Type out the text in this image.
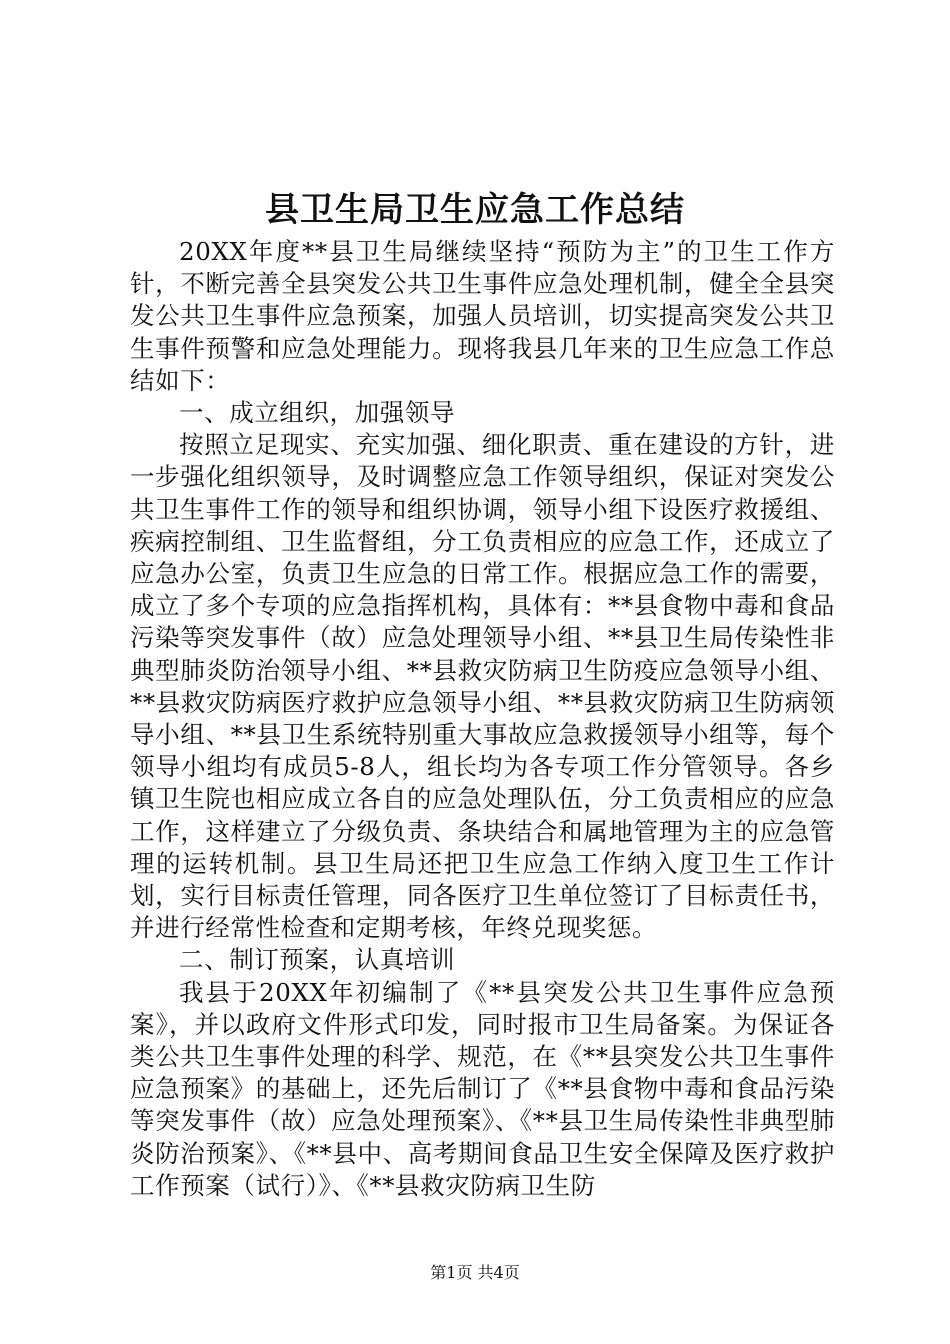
县卫生局卫生应急工作总结

20XX年度**县卫生局继续坚持“预防为主”的卫生工作方针，不断完善全县突发公共卫生事件应急处理机制，健全全县突发公共卫生事件应急预案，加强人员培训，切实提高突发公共卫生事件预警和应急处理能力。现将我县几年来的卫生应急工作总结如下：

一、成立组织，加强领导

按照立足现实、充实加强、细化职责、重在建设的方针，进一步强化组织领导，及时调整应急工作领导组织，保证对突发公共卫生事件工作的领导和组织协调，领导小组下设医疗救援组、疾病控制组、卫生监督组，分工负责相应的应急工作，还成立了应急办公室，负责卫生应急的日常工作。根据应急工作的需要，成立了多个专项的应急指挥机构，具体有：**县食物中毒和食品污染等突发事件（故）应急处理领导小组、**县卫生局传染性非典型肺炎防治领导小组、**县救灾防病卫生防疫应急领导小组、**县救灾防病医疗救护应急领导小组、**县救灾防病卫生防病领导小组、**县卫生系统特别重大事故应急救援领导小组等，每个领导小组均有成员5-8人，组长均为各专项工作分管领导。各乡镇卫生院也相应成立各自的应急处理队伍，分工负责相应的应急工作，这样建立了分级负责、条块结合和属地管理为主的应急管理的运转机制。县卫生局还把卫生应急工作纳入度卫生工作计划，实行目标责任管理，同各医疗卫生单位签订了目标责任书，并进行经常性检查和定期考核，年终兑现奖惩。

二、制订预案，认真培训

我县于20XX年初编制了《**县突发公共卫生事件应急预案》，并以政府文件形式印发，同时报市卫生局备案。为保证各类公共卫生事件处理的科学、规范，在《**县突发公共卫生事件应急预案》的基础上，还先后制订了《**县食物中毒和食品污染等突发事件（故）应急处理预案》、《**县卫生局传染性非典型肺炎防治预案》、《**县中、高考期间食品卫生安全保障及医疗救护工作预案（试行）》、《**县救灾防病卫生防

第1页 共4页
